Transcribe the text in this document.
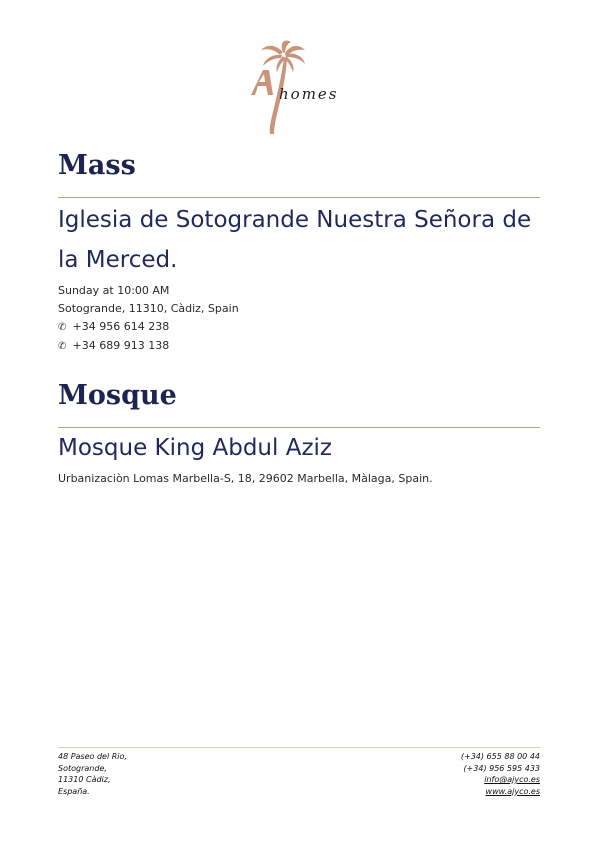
homes
Mass
Iglesia de Sotogrande Nuestra Señora de
la Merced.
Sunday at 10:00 AM
Sotogrande, 11310, Càdiz, Spain
✆ +34 956 614 238
✆ +34 689 913 138
Mosque
Mosque King Abdul Aziz
Urbanizaciòn Lomas Marbella-S, 18, 29602 Marbella, Màlaga, Spain.
48 Paseo del Rio,
Sotogrande,
11310 Càdiz,
España.
(+34) 655 88 00 44
(+34) 956 595 433
info@ajyco.es
www.ajyco.es
